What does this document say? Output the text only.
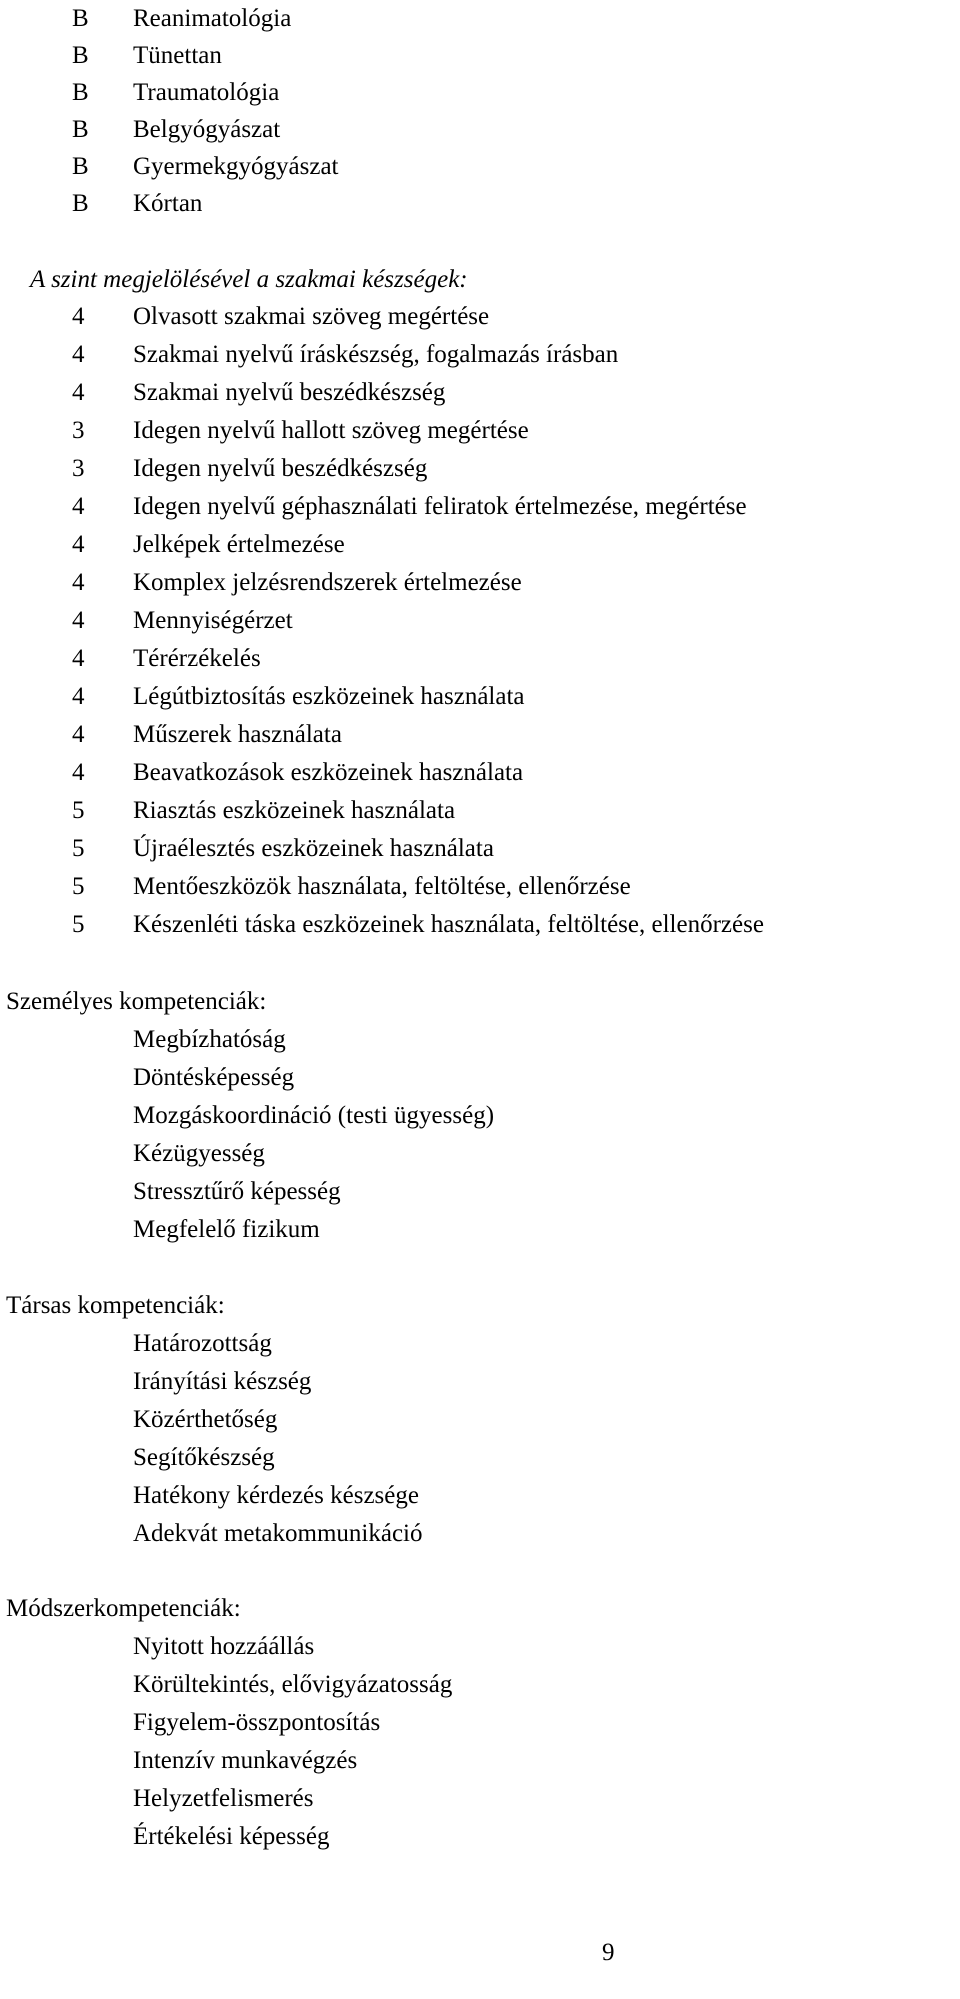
B Reanimatológia
B Tünettan
B Traumatológia
B Belgyógyászat
B Gyermekgyógyászat
B Kórtan
A szint megjelölésével a szakmai készségek:
4 Olvasott szakmai szöveg megértése
4 Szakmai nyelvű íráskészség, fogalmazás írásban
4 Szakmai nyelvű beszédkészség
3 Idegen nyelvű hallott szöveg megértése
3 Idegen nyelvű beszédkészség
4 Idegen nyelvű géphasználati feliratok értelmezése, megértése
4 Jelképek értelmezése
4 Komplex jelzésrendszerek értelmezése
4 Mennyiségérzet
4 Térérzékelés
4 Légútbiztosítás eszközeinek használata
4 Műszerek használata
4 Beavatkozások eszközeinek használata
5 Riasztás eszközeinek használata
5 Újraélesztés eszközeinek használata
5 Mentőeszközök használata, feltöltése, ellenőrzése
5 Készenléti táska eszközeinek használata, feltöltése, ellenőrzése
Személyes kompetenciák:
Megbízhatóság
Döntésképesség
Mozgáskoordináció (testi ügyesség)
Kézügyesség
Stressztűrő képesség
Megfelelő fizikum
Társas kompetenciák:
Határozottság
Irányítási készség
Közérthetőség
Segítőkészség
Hatékony kérdezés készsége
Adekvát metakommunikáció
Módszerkompetenciák:
Nyitott hozzáállás
Körültekintés, elővigyázatosság
Figyelem-összpontosítás
Intenzív munkavégzés
Helyzetfelismerés
Értékelési képesség
9
